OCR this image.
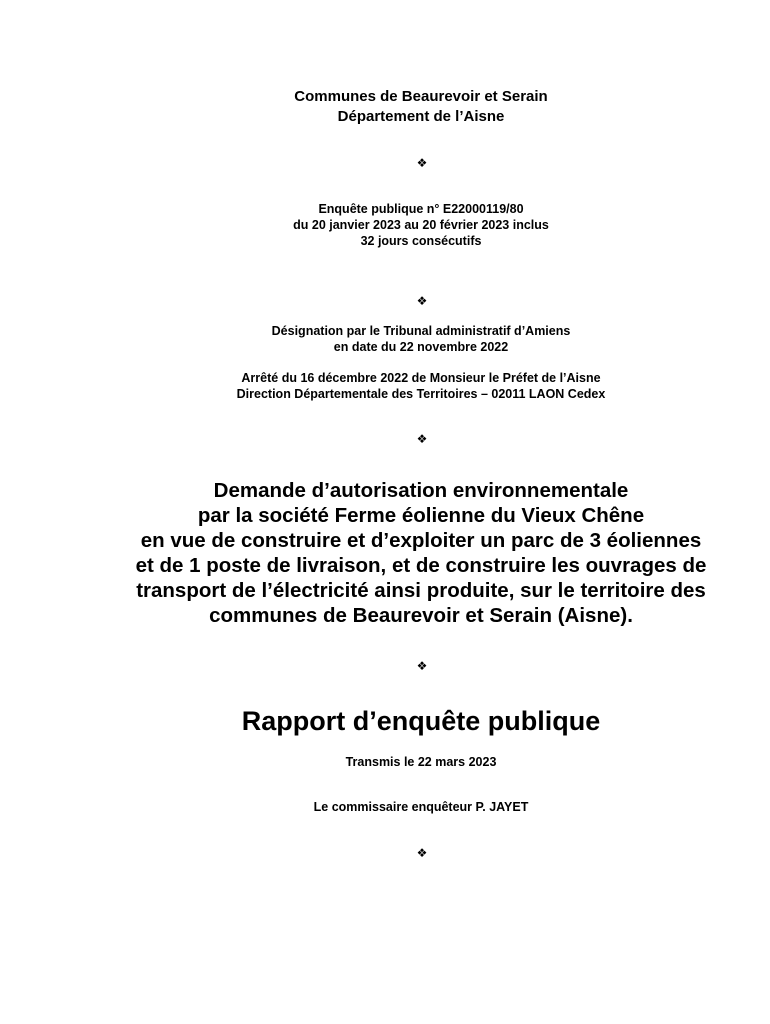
Communes de Beaurevoir et Serain
Département de l’Aisne
❖
Enquête publique n° E22000119/80
du 20 janvier 2023 au 20 février 2023 inclus
32 jours consécutifs
❖
Désignation par le Tribunal administratif d’Amiens
en date du 22 novembre 2022
Arrêté du 16 décembre 2022 de Monsieur le Préfet de l’Aisne
Direction Départementale des Territoires – 02011 LAON Cedex
❖
Demande d’autorisation environnementale
par la société Ferme éolienne du Vieux Chêne
en vue de construire et d’exploiter un parc de 3 éoliennes
et de 1 poste de livraison, et de construire les ouvrages de
transport de l’électricité ainsi produite, sur le territoire des
communes de Beaurevoir et Serain (Aisne).
❖
Rapport d’enquête publique
Transmis le 22 mars 2023
Le commissaire enquêteur P. JAYET
❖
